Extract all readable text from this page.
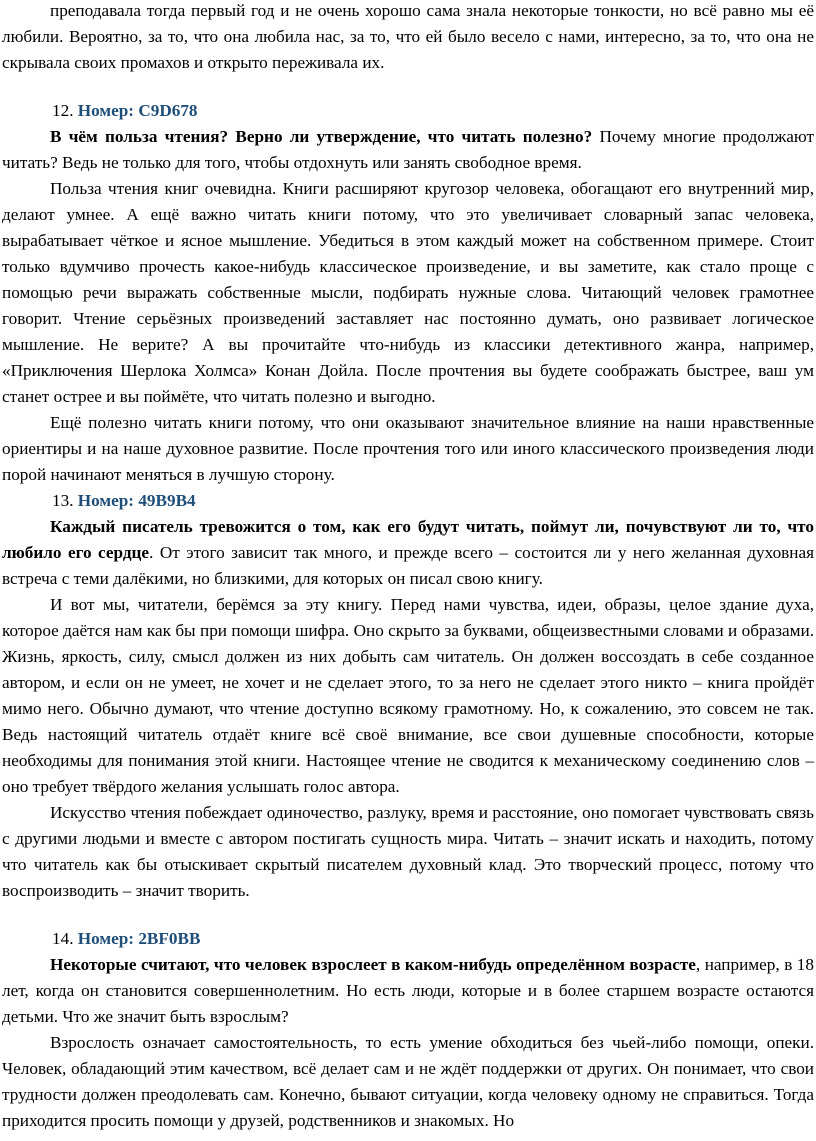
преподавала тогда первый год и не очень хорошо сама знала некоторые тонкости, но всё равно мы её любили. Вероятно, за то, что она любила нас, за то, что ей было весело с нами, интересно, за то, что она не скрывала своих промахов и открыто переживала их.

12. Номер: C9D678

В чём польза чтения? Верно ли утверждение, что читать полезно? Почему многие продолжают читать? Ведь не только для того, чтобы отдохнуть или занять свободное время.

Польза чтения книг очевидна. Книги расширяют кругозор человека, обогащают его внутренний мир, делают умнее. А ещё важно читать книги потому, что это увеличивает словарный запас человека, вырабатывает чёткое и ясное мышление. Убедиться в этом каждый может на собственном примере. Стоит только вдумчиво прочесть какое-нибудь классическое произведение, и вы заметите, как стало проще с помощью речи выражать собственные мысли, подбирать нужные слова. Читающий человек грамотнее говорит. Чтение серьёзных произведений заставляет нас постоянно думать, оно развивает логическое мышление. Не верите? А вы прочитайте что-нибудь из классики детективного жанра, например, «Приключения Шерлока Холмса» Конан Дойла. После прочтения вы будете соображать быстрее, ваш ум станет острее и вы поймёте, что читать полезно и выгодно.

Ещё полезно читать книги потому, что они оказывают значительное влияние на наши нравственные ориентиры и на наше духовное развитие. После прочтения того или иного классического произведения люди порой начинают меняться в лучшую сторону.

13. Номер: 49B9B4

Каждый писатель тревожится о том, как его будут читать, поймут ли, почувствуют ли то, что любило его сердце. От этого зависит так много, и прежде всего – состоится ли у него желанная духовная встреча с теми далёкими, но близкими, для которых он писал свою книгу.

И вот мы, читатели, берёмся за эту книгу. Перед нами чувства, идеи, образы, целое здание духа, которое даётся нам как бы при помощи шифра. Оно скрыто за буквами, общеизвестными словами и образами. Жизнь, яркость, силу, смысл должен из них добыть сам читатель. Он должен воссоздать в себе созданное автором, и если он не умеет, не хочет и не сделает этого, то за него не сделает этого никто – книга пройдёт мимо него. Обычно думают, что чтение доступно всякому грамотному. Но, к сожалению, это совсем не так. Ведь настоящий читатель отдаёт книге всё своё внимание, все свои душевные способности, которые необходимы для понимания этой книги. Настоящее чтение не сводится к механическому соединению слов – оно требует твёрдого желания услышать голос автора.

Искусство чтения побеждает одиночество, разлуку, время и расстояние, оно помогает чувствовать связь с другими людьми и вместе с автором постигать сущность мира. Читать – значит искать и находить, потому что читатель как бы отыскивает скрытый писателем духовный клад. Это творческий процесс, потому что воспроизводить – значит творить.

14. Номер: 2BF0BB

Некоторые считают, что человек взрослеет в каком-нибудь определённом возрасте, например, в 18 лет, когда он становится совершеннолетним. Но есть люди, которые и в более старшем возрасте остаются детьми. Что же значит быть взрослым?

Взрослость означает самостоятельность, то есть умение обходиться без чьей-либо помощи, опеки. Человек, обладающий этим качеством, всё делает сам и не ждёт поддержки от других. Он понимает, что свои трудности должен преодолевать сам. Конечно, бывают ситуации, когда человеку одному не справиться. Тогда приходится просить помощи у друзей, родственников и знакомых. Но
